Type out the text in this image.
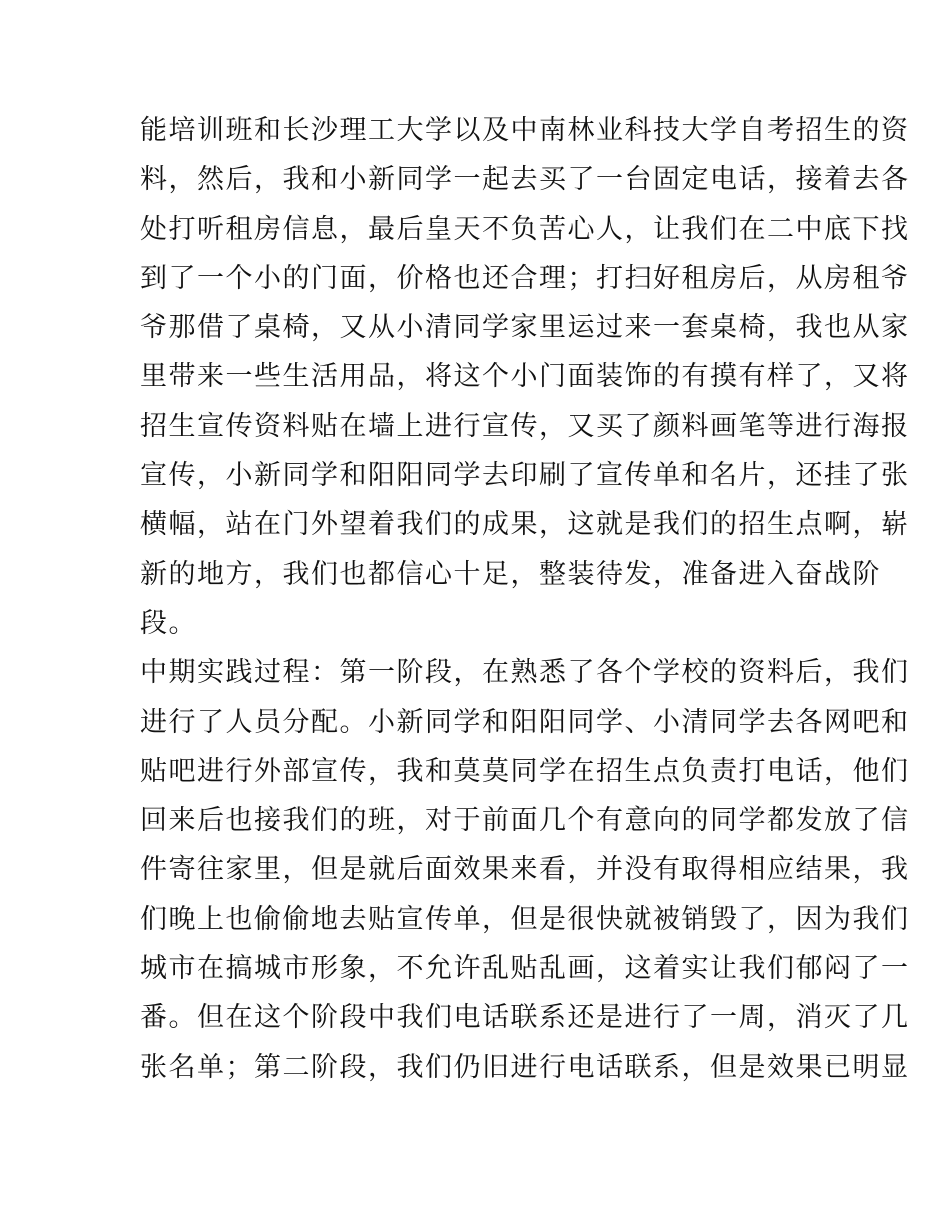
能培训班和长沙理工大学以及中南林业科技大学自考招生的资
料，然后，我和小新同学一起去买了一台固定电话，接着去各
处打听租房信息，最后皇天不负苦心人，让我们在二中底下找
到了一个小的门面，价格也还合理；打扫好租房后，从房租爷
爷那借了桌椅，又从小清同学家里运过来一套桌椅，我也从家
里带来一些生活用品，将这个小门面装饰的有摸有样了，又将
招生宣传资料贴在墙上进行宣传，又买了颜料画笔等进行海报
宣传，小新同学和阳阳同学去印刷了宣传单和名片，还挂了张
横幅，站在门外望着我们的成果，这就是我们的招生点啊，崭
新的地方，我们也都信心十足，整装待发，准备进入奋战阶
段。
中期实践过程：第一阶段，在熟悉了各个学校的资料后，我们
进行了人员分配。小新同学和阳阳同学、小清同学去各网吧和
贴吧进行外部宣传，我和莫莫同学在招生点负责打电话，他们
回来后也接我们的班，对于前面几个有意向的同学都发放了信
件寄往家里，但是就后面效果来看，并没有取得相应结果，我
们晚上也偷偷地去贴宣传单，但是很快就被销毁了，因为我们
城市在搞城市形象，不允许乱贴乱画，这着实让我们郁闷了一
番。但在这个阶段中我们电话联系还是进行了一周，消灭了几
张名单；第二阶段，我们仍旧进行电话联系，但是效果已明显
